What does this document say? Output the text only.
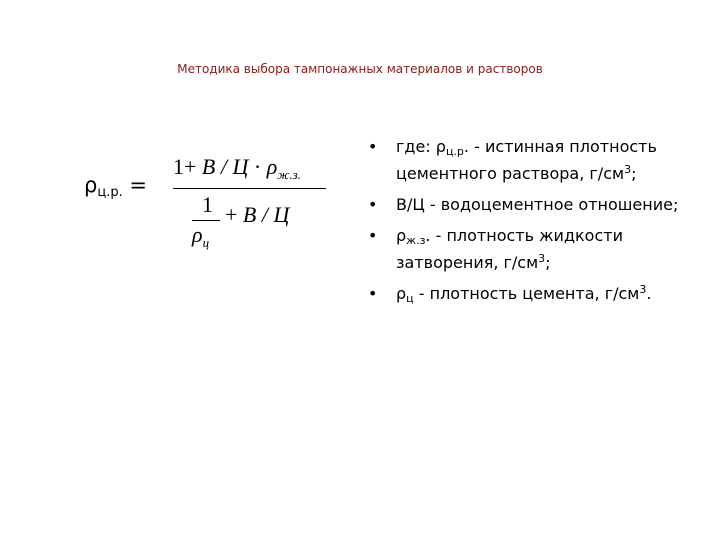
Методика выбора тампонажных материалов и растворов
$\rho_{ц.р.}$ =
$1+ В / Ц \cdot \rho_{ж.з.}$
1 + В / Ц
$\rho_ц$
• где: $\rho_{ц.р}$. - истинная плотность цементного раствора, $г/см^3$;
• В/Ц - водоцементное отношение;
• $\rho_{ж.з}$. - плотность жидкости затворения, $г/см^3$;
• $\rho_ц$ - плотность цемента, $г/см^3$.
